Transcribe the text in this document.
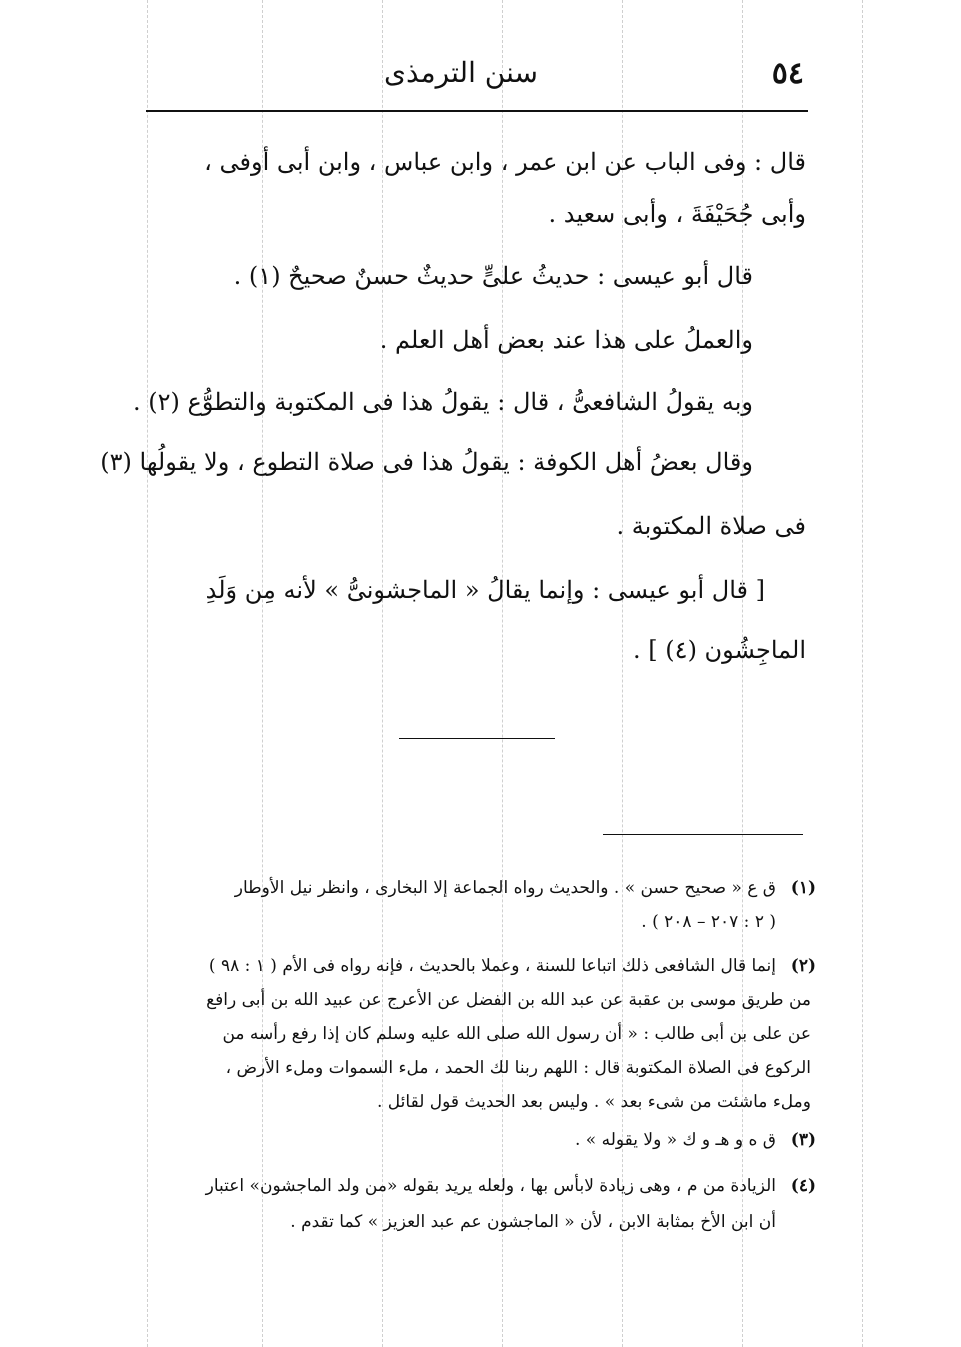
٥٤
سنن الترمذى
قال : وفى الباب عن ابن عمر ، وابن عباس ، وابن أبى أوفى ،
وأبى جُحَيْفَةَ ، وأبى سعيد .
قال أبو عيسى : حديثُ علىٍّ حديثٌ حسنٌ صحيحٌ (١) .
والعملُ على هذا عند بعض أهل العلم .
وبه يقولُ الشافعىُّ ، قال : يقولُ هذا فى المكتوبة والتطوُّع (٢) .
وقال بعضُ أهل الكوفة : يقولُ هذا فى صلاة التطوع ، ولا يقولُها (٣)
فى صلاة المكتوبة .
[ قال أبو عيسى : وإنما يقالُ « الماجشونىُّ » لأنه مِن وَلَدِ
الماجِشُون (٤) ] .
(١)ق ع « صحيح حسن » . والحديث رواه الجماعة إلا البخارى ، وانظر نيل الأوطار
( ٢ : ٢٠٧ – ٢٠٨ ) .
(٢)إنما قال الشافعى ذلك اتباعا للسنة ، وعملا بالحديث ، فإنه رواه فى الأم ( ١ : ٩٨ )
من طريق موسى بن عقبة عن عبد الله بن الفضل عن الأعرج عن عبيد الله بن أبى رافع
عن على بن أبى طالب : « أن رسول الله صلى الله عليه وسلم كان إذا رفع رأسه من
الركوع فى الصلاة المكتوبة قال : اللهم ربنا لك الحمد ، ملء السموات وملء الأرض ،
وملء ماشئت من شىء بعد » . وليس بعد الحديث قول لقائل .
(٣)ق ه و هـ و ك « ولا يقوله » .
(٤)الزيادة من م ، وهى زيادة لابأس بها ، ولعله يريد بقوله «من ولد الماجشون» اعتبار
أن ابن الأخ بمثابة الابن ، لأن « الماجشون عم عبد العزيز » كما تقدم .
